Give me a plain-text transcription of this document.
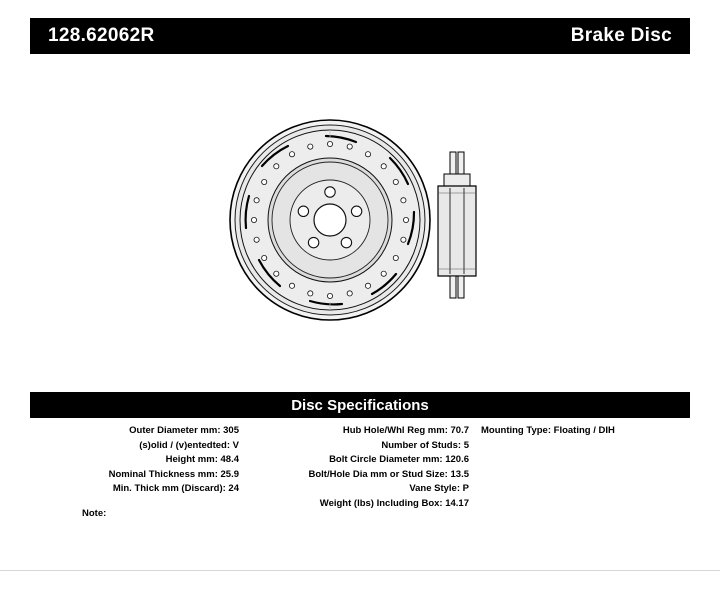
128.62062R	Brake Disc
Disc Specifications
Outer Diameter mm: 305
(s)olid / (v)entedted: V
Height mm: 48.4
Nominal Thickness mm: 25.9
Min. Thick mm (Discard): 24
Hub Hole/Whl Reg mm: 70.7
Number of Studs: 5
Bolt Circle Diameter mm: 120.6
Bolt/Hole Dia mm or Stud Size: 13.5
Vane Style: P
Weight (lbs) Including Box: 14.17
Mounting Type: Floating / DIH
Note:
